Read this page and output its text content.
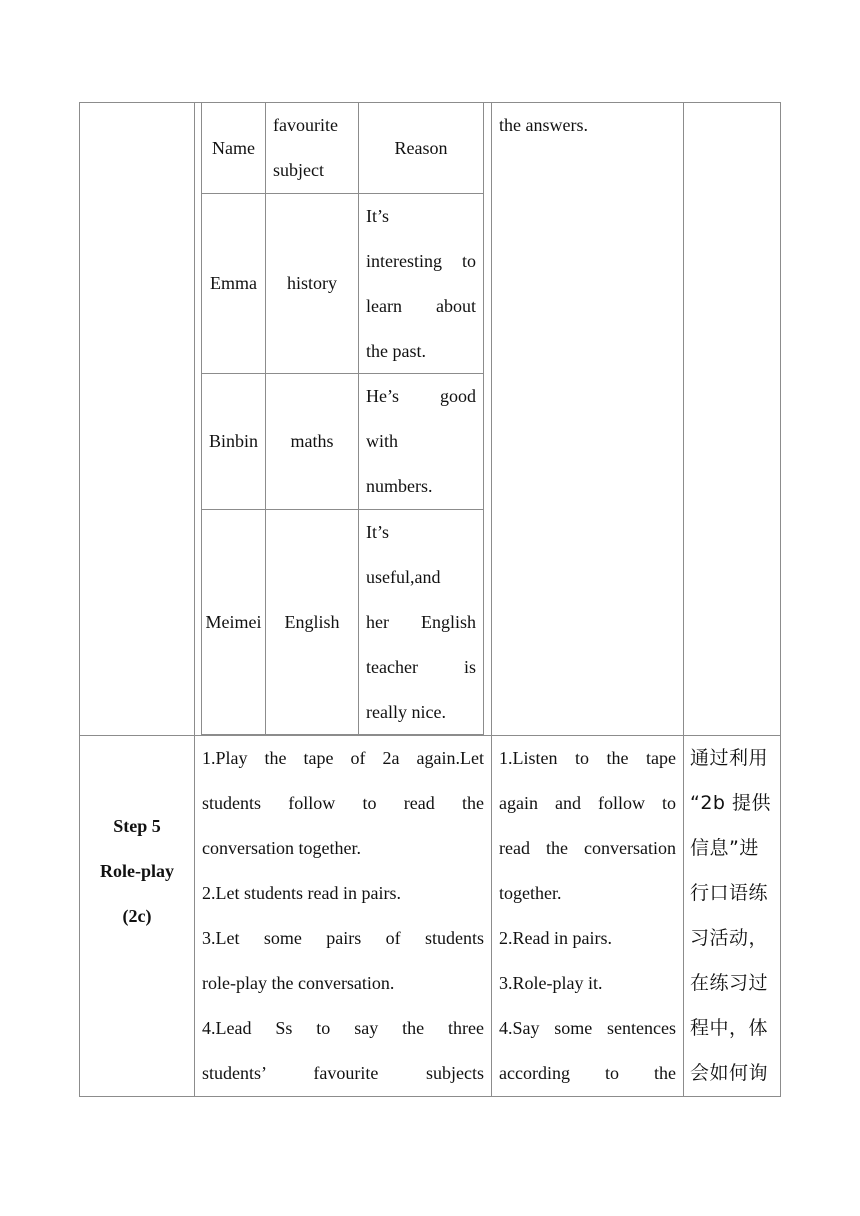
Name

favourite

subject

Reason
Emma history

It’s

interesting to

learn about

the past.

Binbin maths

He’s good

with

numbers.

Meimei English

It’s

useful,and

her English

teacher is

really nice.

the answers.

Step 5
Role-play
(2c)

1.Play the tape of 2a again.Let

students follow to read the

conversation together.

2.Let students read in pairs.

3.Let some pairs of students

role-play the conversation.

4.Lead Ss to say the three

students’ favourite subjects

1.Listen to the tape

again and follow to

read the conversation

together.

2.Read in pairs.

3.Role-play it.

4.Say some sentences

according to the

通过利用

“2b 提供

信息”进

行口语练

习活动，

在练习过

程中，体

会如何询
